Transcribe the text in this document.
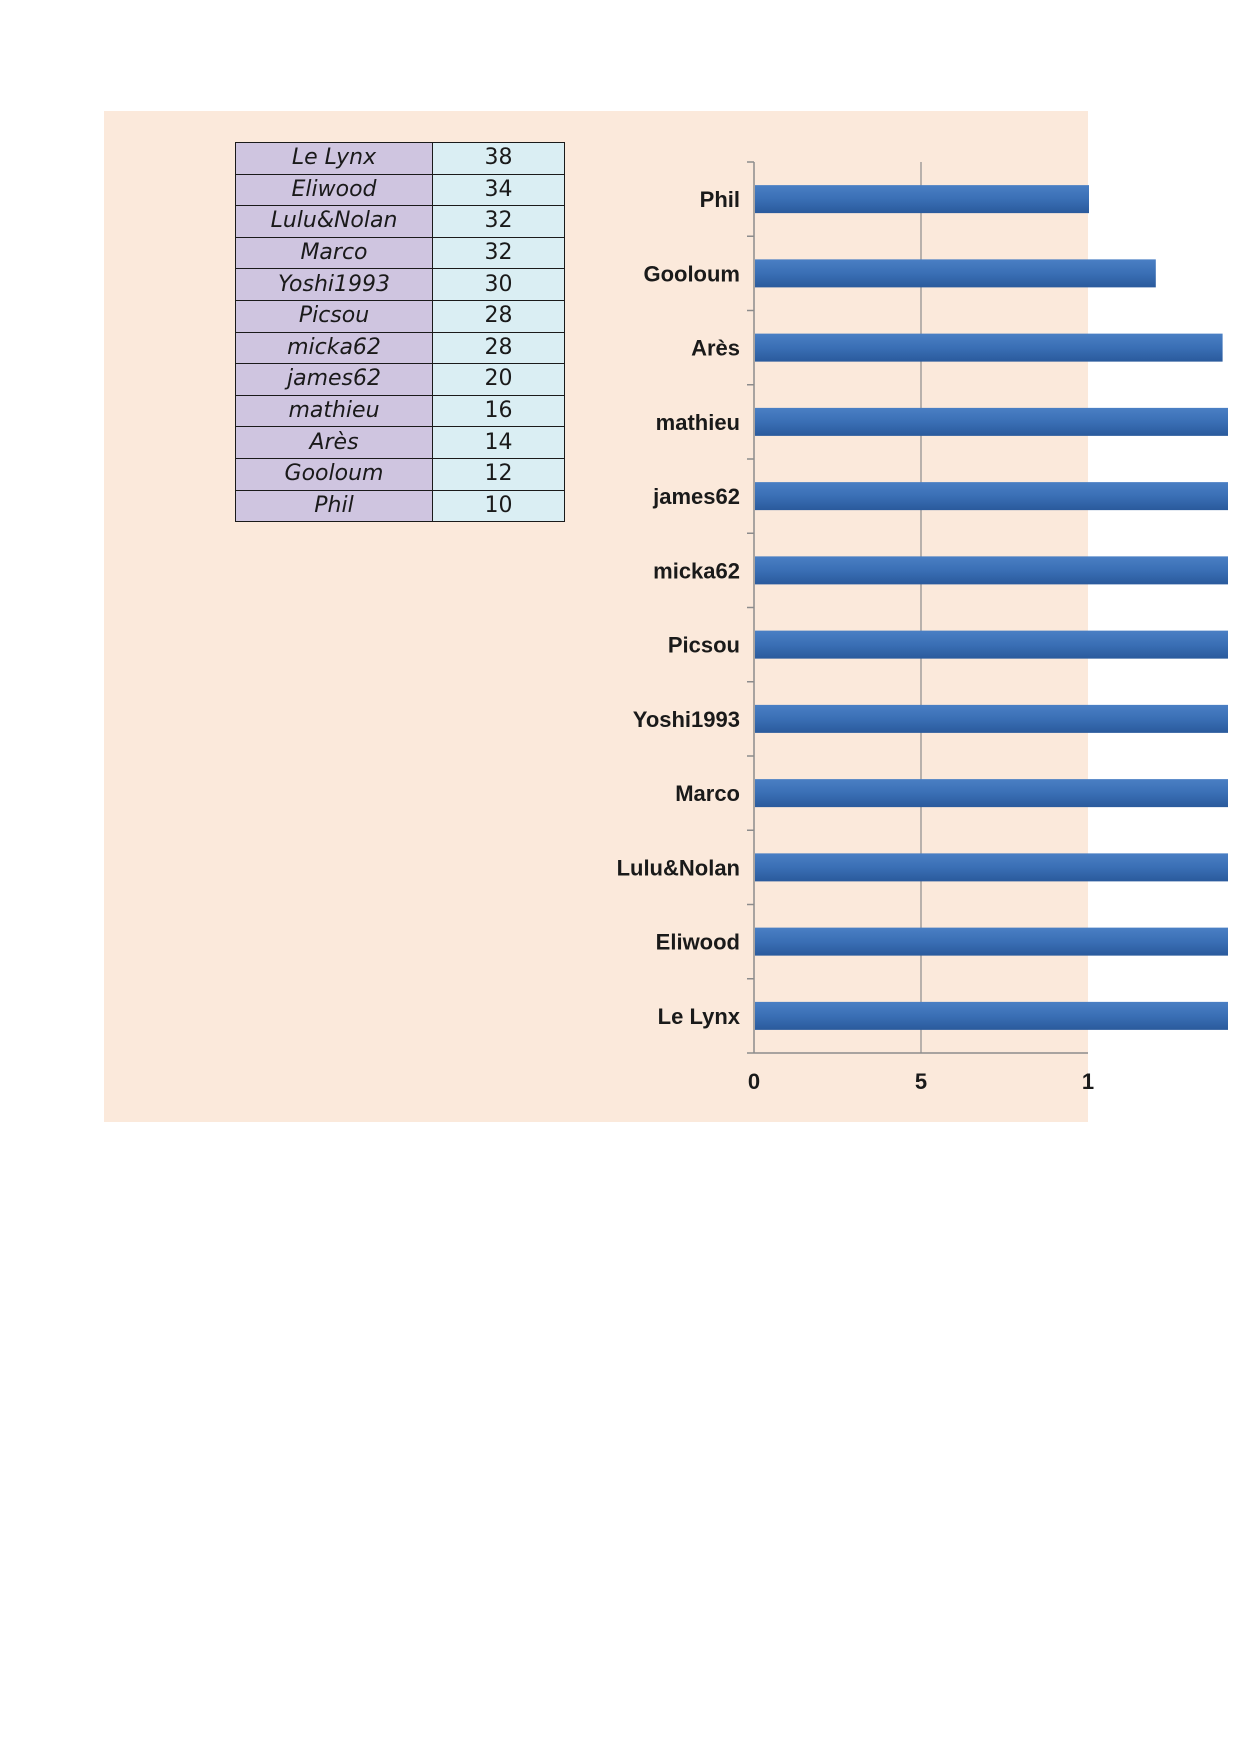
Le Lynx	38
Eliwood	34
Lulu&Nolan	32
Marco	32
Yoshi1993	30
Picsou	28
micka62	28
james62	20
mathieu	16
Arès	14
Gooloum	12
Phil	10
Phil
Gooloum
Arès
mathieu
james62
micka62
Picsou
Yoshi1993
Marco
Lulu&Nolan
Eliwood
Le Lynx
0	5	1
